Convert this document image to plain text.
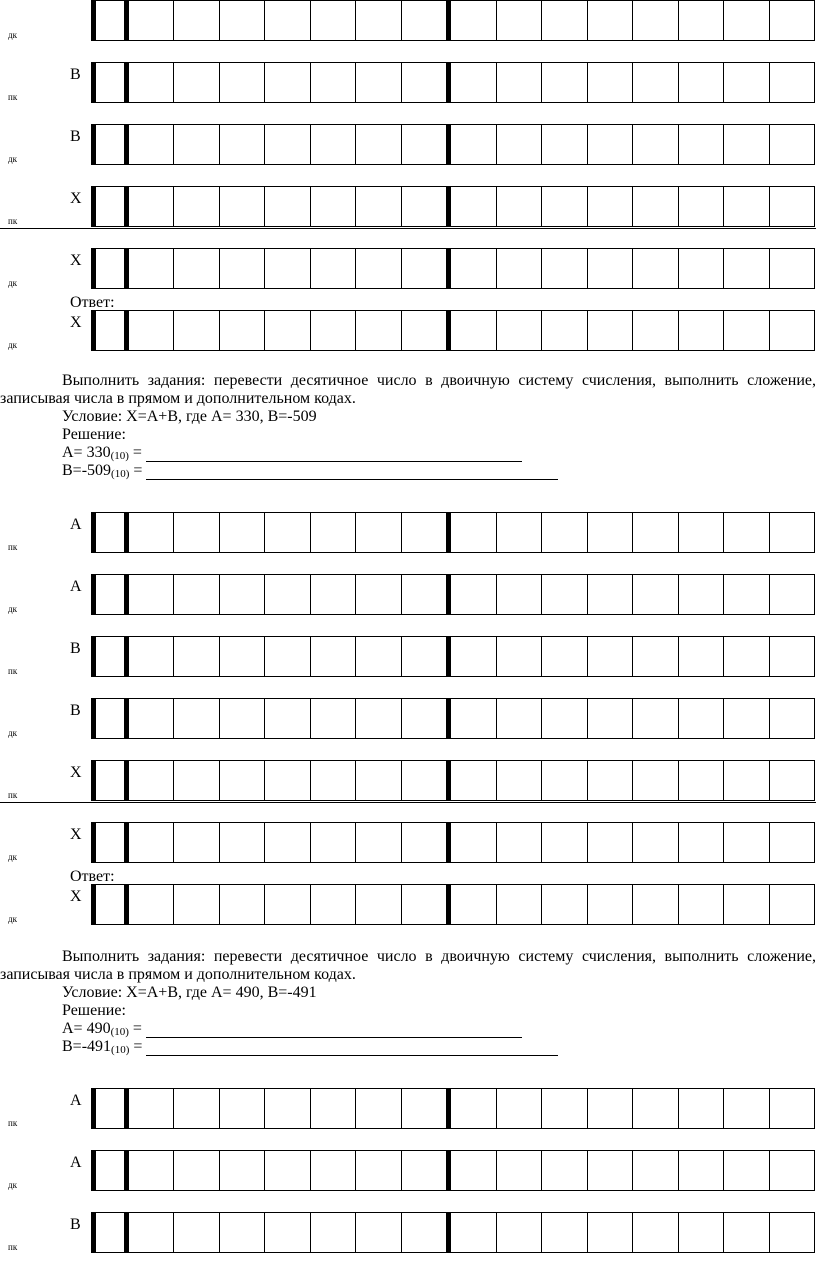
дк
B
пк
B
дк
X
пк
X
дк
X
дк
Ответ:
A
пк
A
дк
B
пк
B
дк
X
пк
X
дк
X
дк
Ответ:
A
пк
A
дк
B
пк

Выполнить задания: перевести десятичное число в двоичную систему счисления, выполнить сложение, записывая числа в прямом и дополнительном кодах.

Условие: X=A+B, где A= 330, B=-509

Решение:

$A= 330_{(10)}$ =

$B=-509_{(10)}$ =

Выполнить задания: перевести десятичное число в двоичную систему счисления, выполнить сложение, записывая числа в прямом и дополнительном кодах.

Условие: X=A+B, где A= 490, B=-491

Решение:

$A= 490_{(10)}$ =

$B=-491_{(10)}$ =
